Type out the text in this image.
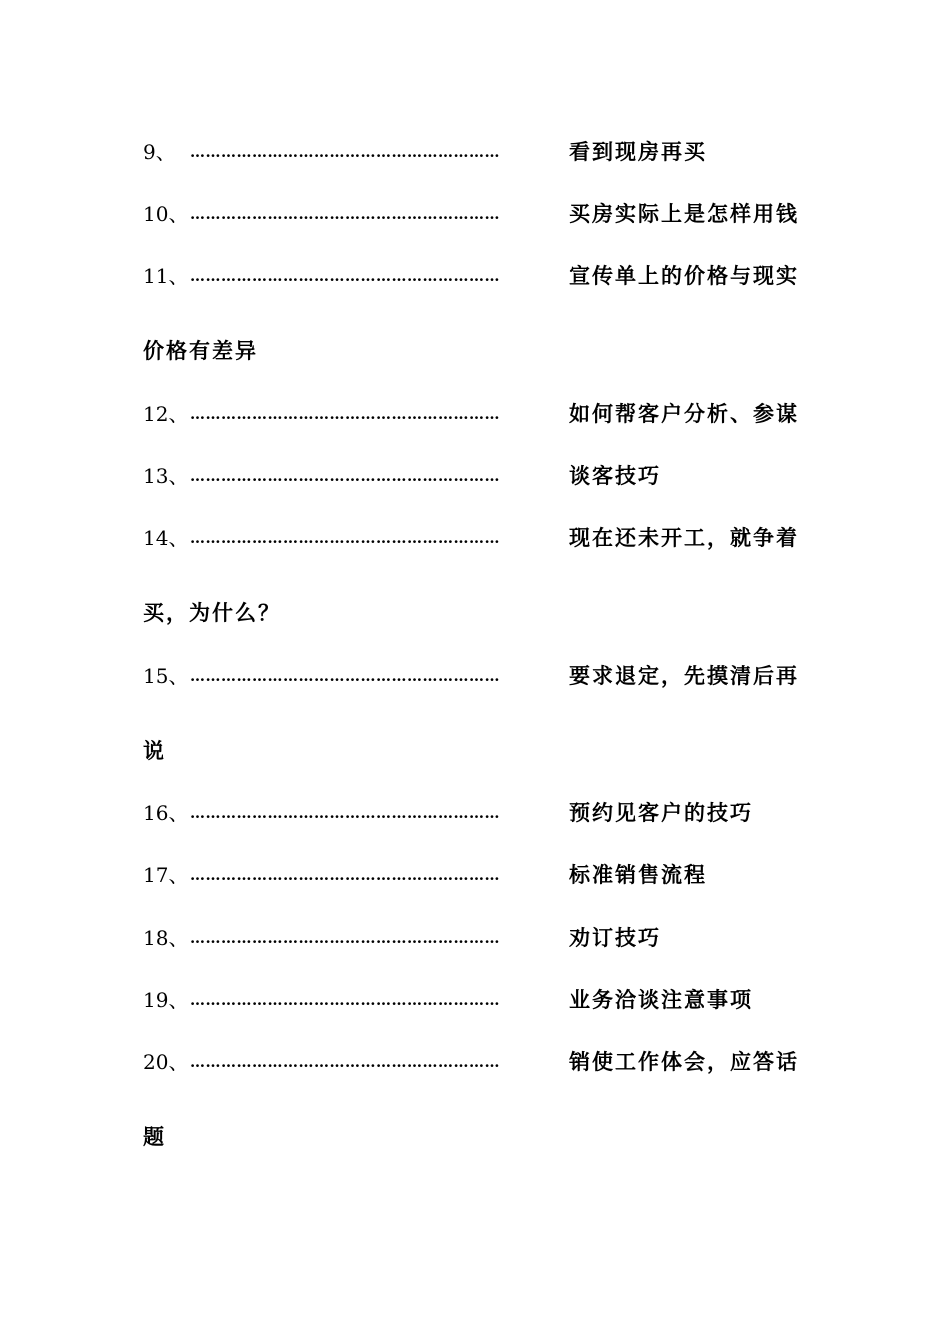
9、 ……………………………………………………	看到现房再买
10、 ……………………………………………………	买房实际上是怎样用钱
11、 ……………………………………………………	宣传单上的价格与现实
价格有差异
12、 ……………………………………………………	如何帮客户分析、参谋
13、 ……………………………………………………	谈客技巧
14、 ……………………………………………………	现在还未开工，就争着
买，为什么？
15、 ……………………………………………………	要求退定，先摸清后再
说
16、 ……………………………………………………	预约见客户的技巧
17、 ……………………………………………………	标准销售流程
18、 ……………………………………………………	劝订技巧
19、 ……………………………………………………	业务洽谈注意事项
20、 ……………………………………………………	销使工作体会，应答话
题
